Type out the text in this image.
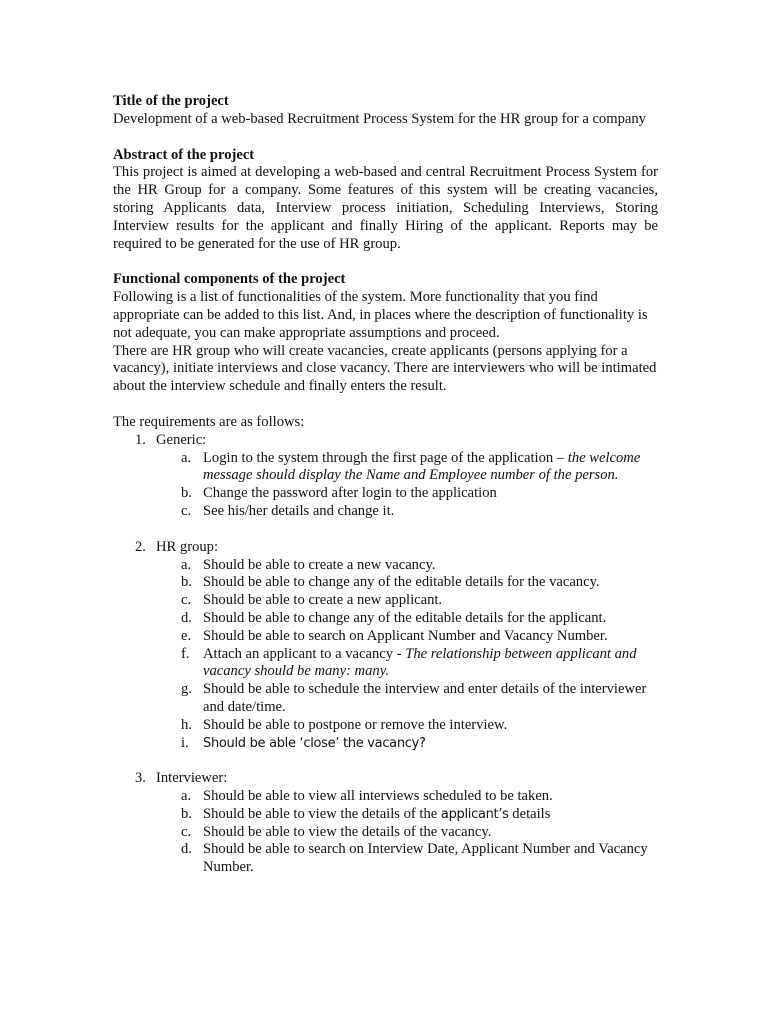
Title of the project
Development of a web-based Recruitment Process System for the HR group for a company
Abstract of the project
This project is aimed at developing a web-based and central Recruitment Process System for the HR Group for a company. Some features of this system will be creating vacancies, storing Applicants data, Interview process initiation, Scheduling Interviews, Storing Interview results for the applicant and finally Hiring of the applicant. Reports may be required to be generated for the use of HR group.
Functional components of the project
Following is a list of functionalities of the system. More functionality that you find appropriate can be added to this list. And, in places where the description of functionality is not adequate, you can make appropriate assumptions and proceed.
There are HR group who will create vacancies, create applicants (persons applying for a vacancy), initiate interviews and close vacancy. There are interviewers who will be intimated about the interview schedule and finally enters the result.
The requirements are as follows:
1. Generic:
a. Login to the system through the first page of the application – the welcome message should display the Name and Employee number of the person.
b. Change the password after login to the application
c. See his/her details and change it.
2. HR group:
a. Should be able to create a new vacancy.
b. Should be able to change any of the editable details for the vacancy.
c. Should be able to create a new applicant.
d. Should be able to change any of the editable details for the applicant.
e. Should be able to search on Applicant Number and Vacancy Number.
f. Attach an applicant to a vacancy - The relationship between applicant and vacancy should be many: many.
g. Should be able to schedule the interview and enter details of the interviewer and date/time.
h. Should be able to postpone or remove the interview.
i. Should be able ‘close’ the vacancy?
3. Interviewer:
a. Should be able to view all interviews scheduled to be taken.
b. Should be able to view the details of the applicant’s details
c. Should be able to view the details of the vacancy.
d. Should be able to search on Interview Date, Applicant Number and Vacancy Number.
